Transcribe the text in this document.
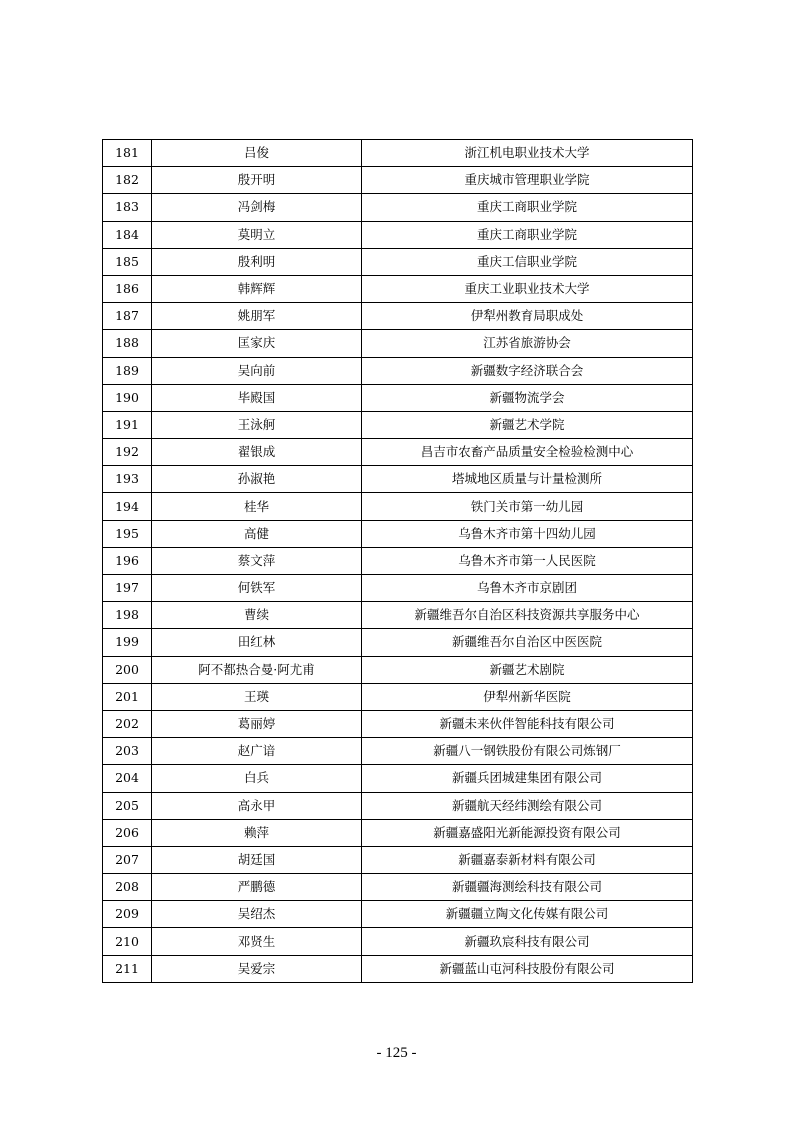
181	吕俊	浙江机电职业技术大学
182	殷开明	重庆城市管理职业学院
183	冯剑梅	重庆工商职业学院
184	莫明立	重庆工商职业学院
185	殷利明	重庆工信职业学院
186	韩辉辉	重庆工业职业技术大学
187	姚朋军	伊犁州教育局职成处
188	匡家庆	江苏省旅游协会
189	吴向前	新疆数字经济联合会
190	毕殿国	新疆物流学会
191	王泳舸	新疆艺术学院
192	翟银成	昌吉市农畜产品质量安全检验检测中心
193	孙淑艳	塔城地区质量与计量检测所
194	桂华	铁门关市第一幼儿园
195	高健	乌鲁木齐市第十四幼儿园
196	蔡文萍	乌鲁木齐市第一人民医院
197	何铁军	乌鲁木齐市京剧团
198	曹续	新疆维吾尔自治区科技资源共享服务中心
199	田红林	新疆维吾尔自治区中医医院
200	阿不都热合曼·阿尤甫	新疆艺术剧院
201	王瑛	伊犁州新华医院
202	葛丽婷	新疆未来伙伴智能科技有限公司
203	赵广谙	新疆八一钢铁股份有限公司炼钢厂
204	白兵	新疆兵团城建集团有限公司
205	高永甲	新疆航天经纬测绘有限公司
206	赖萍	新疆嘉盛阳光新能源投资有限公司
207	胡廷国	新疆嘉泰新材料有限公司
208	严鹏德	新疆疆海测绘科技有限公司
209	吴绍杰	新疆疆立陶文化传媒有限公司
210	邓贤生	新疆玖宸科技有限公司
211	吴爱宗	新疆蓝山屯河科技股份有限公司
- 125 -
